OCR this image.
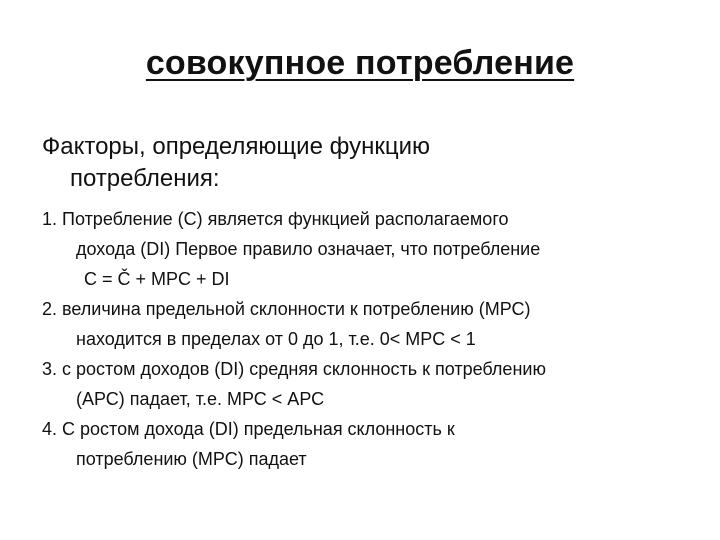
совокупное потребление
Факторы, определяющие функцию
потребления:
1. Потребление (С) является функцией располагаемого
дохода (DI) Первое правило означает, что потребление
C = Č + MPC + DI
2. величина предельной склонности к потреблению (МРС)
находится в пределах от 0 до 1, т.е. 0< MPC < 1
3. с ростом доходов (DI) средняя склонность к потреблению
(АРС) падает, т.е. МРС < АРС
4. С ростом дохода (DI) предельная склонность к
потреблению (МРС) падает
